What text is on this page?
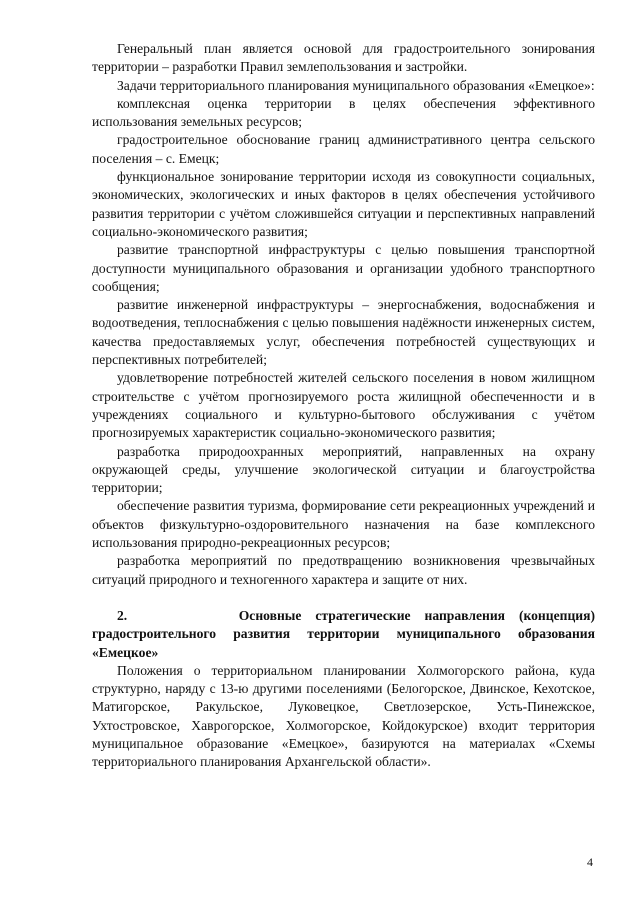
Генеральный план является основой для градостроительного зонирования территории – разработки Правил землепользования и застройки.

Задачи территориального планирования муниципального образования «Емецкое»:

комплексная оценка территории в целях обеспечения эффективного использования земельных ресурсов;

градостроительное обоснование границ административного центра сельского поселения – с. Емецк;

функциональное зонирование территории исходя из совокупности социальных, экономических, экологических и иных факторов в целях обеспечения устойчивого развития территории с учётом сложившейся ситуации и перспективных направлений социально-экономического развития;

развитие транспортной инфраструктуры с целью повышения транспортной доступности муниципального образования и организации удобного транспортного сообщения;

развитие инженерной инфраструктуры – энергоснабжения, водоснабжения и водоотведения, теплоснабжения с целью повышения надёжности инженерных систем, качества предоставляемых услуг, обеспечения потребностей существующих и перспективных потребителей;

удовлетворение потребностей жителей сельского поселения в новом жилищном строительстве с учётом прогнозируемого роста жилищной обеспеченности и в учреждениях социального и культурно-бытового обслуживания с учётом прогнозируемых характеристик социально-экономического развития;

разработка природоохранных мероприятий, направленных на охрану окружающей среды, улучшение экологической ситуации и благоустройства территории;

обеспечение развития туризма, формирование сети рекреационных учреждений и объектов физкультурно-оздоровительного назначения на базе комплексного использования природно-рекреационных ресурсов;

разработка мероприятий по предотвращению возникновения чрезвычайных ситуаций природного и техногенного характера и защите от них.

2.	Основные стратегические направления (концепция) градостроительного развития территории муниципального образования «Емецкое»

Положения о территориальном планировании Холмогорского района, куда структурно, наряду с 13-ю другими поселениями (Белогорское, Двинское, Кехотское, Матигорское, Ракульское, Луковецкое, Светлозерское, Усть-Пинежское, Ухтостровское, Хаврогорское, Холмогорское, Койдокурское) входит территория муниципальное образование «Емецкое», базируются на материалах «Схемы территориального планирования Архангельской области».

4
